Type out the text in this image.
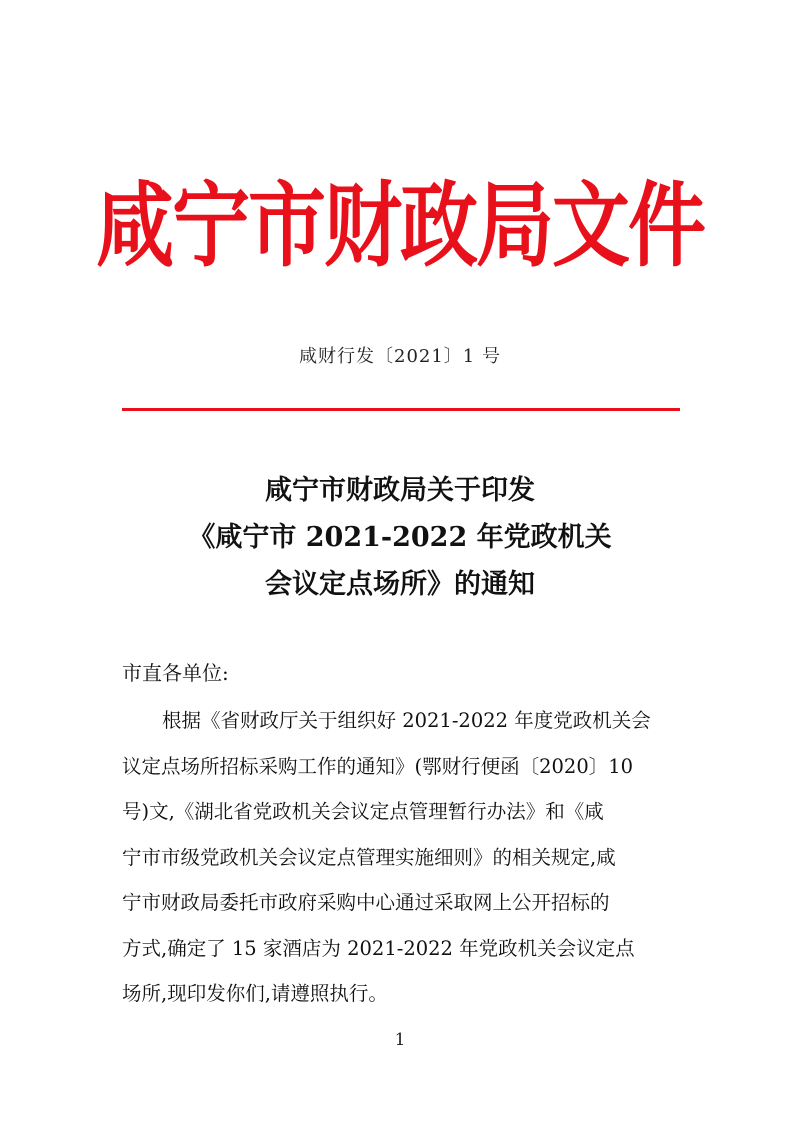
咸宁市财政局文件
咸财行发〔2021〕1 号
咸宁市财政局关于印发
《咸宁市 2021-2022 年党政机关
会议定点场所》的通知
市直各单位:
根据《省财政厅关于组织好 2021-2022 年度党政机关会
议定点场所招标采购工作的通知》(鄂财行便函〔2020〕10
号)文,《湖北省党政机关会议定点管理暂行办法》和《咸
宁市市级党政机关会议定点管理实施细则》的相关规定,咸
宁市财政局委托市政府采购中心通过采取网上公开招标的
方式,确定了 15 家酒店为 2021-2022 年党政机关会议定点
场所,现印发你们,请遵照执行。
1
